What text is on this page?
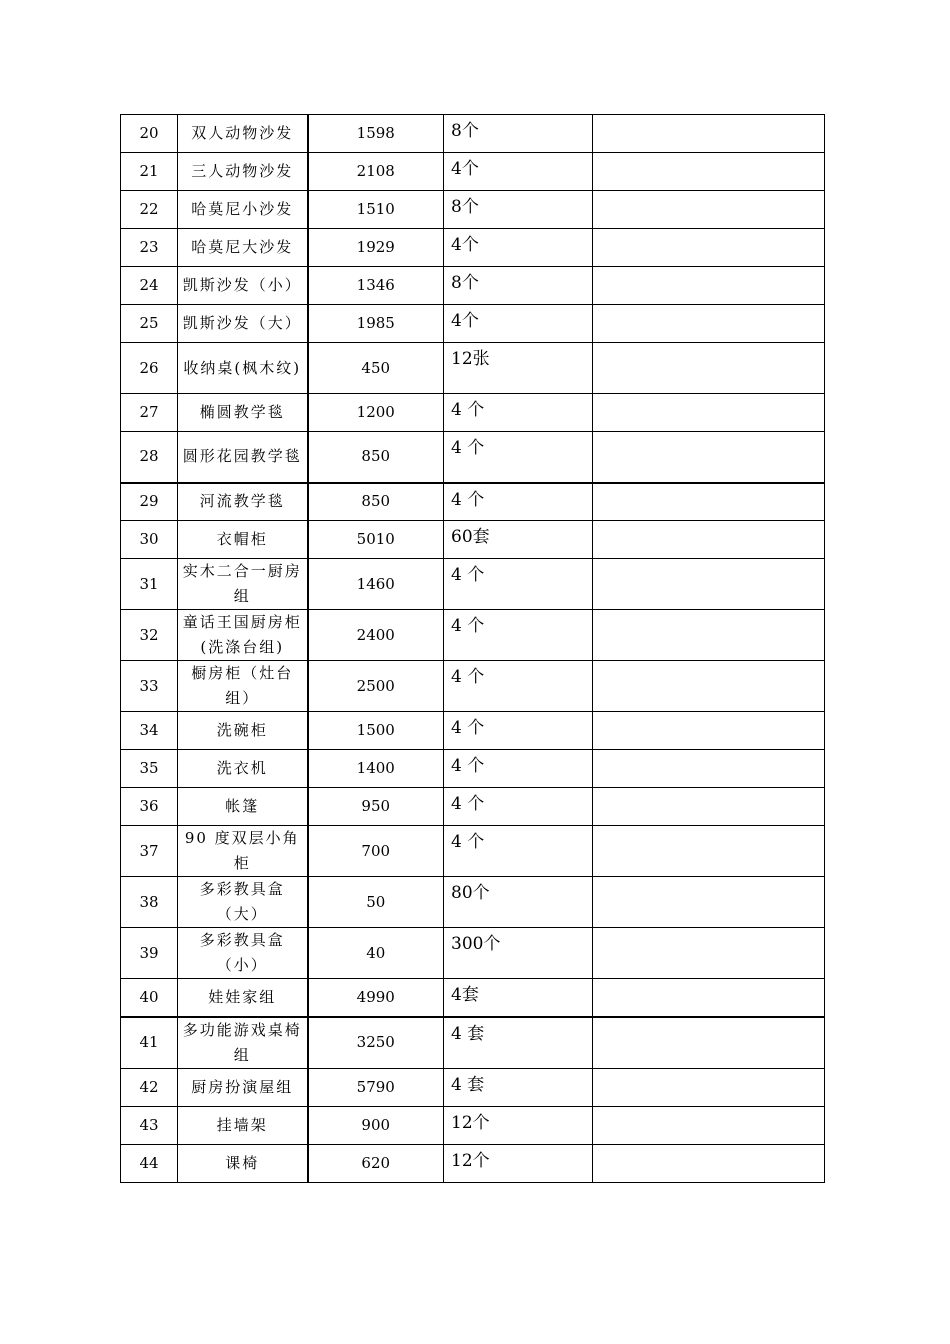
20	双人动物沙发	1598	8个	
21	三人动物沙发	2108	4个	
22	哈莫尼小沙发	1510	8个	
23	哈莫尼大沙发	1929	4个	
24	凯斯沙发（小）	1346	8个	
25	凯斯沙发（大）	1985	4个	
26	收纳桌(枫木纹)	450	12张	
27	椭圆教学毯	1200	4 个	
28	圆形花园教学毯	850	4 个	
29	河流教学毯	850	4 个	
30	衣帽柜	5010	60套	
31	实木二合一厨房组	1460	4 个	
32	童话王国厨房柜(洗涤台组)	2400	4 个	
33	橱房柜（灶台组）	2500	4 个	
34	洗碗柜	1500	4 个	
35	洗衣机	1400	4 个	
36	帐篷	950	4 个	
37	90 度双层小角柜	700	4 个	
38	多彩教具盒（大）	50	80个	
39	多彩教具盒（小）	40	300个	
40	娃娃家组	4990	4套	
41	多功能游戏桌椅组	3250	4 套	
42	厨房扮演屋组	5790	4 套	
43	挂墙架	900	12个	
44	课椅	620	12个	
